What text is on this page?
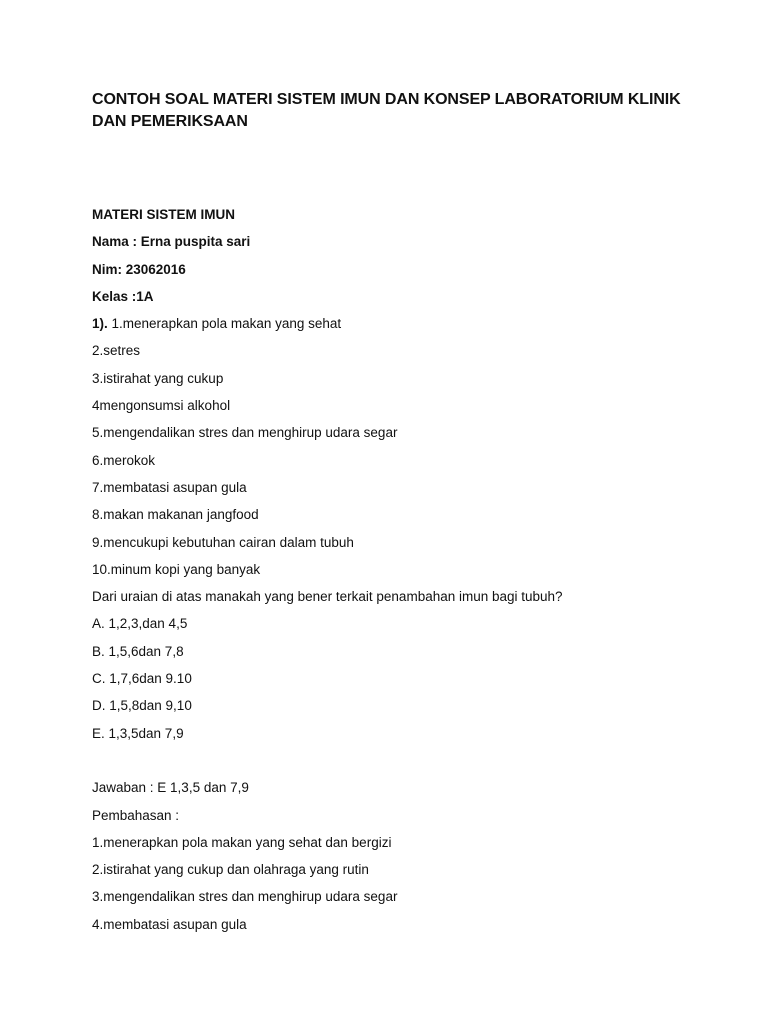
CONTOH SOAL MATERI SISTEM IMUN DAN KONSEP LABORATORIUM KLINIK DAN PEMERIKSAAN
MATERI SISTEM IMUN
Nama : Erna puspita sari
Nim: 23062016
Kelas :1A
1). 1.menerapkan pola makan yang sehat
2.setres
3.istirahat yang cukup
4mengonsumsi alkohol
5.mengendalikan stres dan menghirup udara segar
6.merokok
7.membatasi asupan gula
8.makan makanan jangfood
9.mencukupi kebutuhan cairan dalam tubuh
10.minum kopi yang banyak
Dari uraian di atas manakah yang bener terkait penambahan imun bagi tubuh?
A. 1,2,3,dan 4,5
B. 1,5,6dan 7,8
C. 1,7,6dan 9.10
D. 1,5,8dan 9,10
E. 1,3,5dan 7,9
Jawaban : E 1,3,5 dan 7,9
Pembahasan :
1.menerapkan pola makan yang sehat dan bergizi
2.istirahat yang cukup dan olahraga yang rutin
3.mengendalikan stres dan menghirup udara segar
4.membatasi asupan gula
